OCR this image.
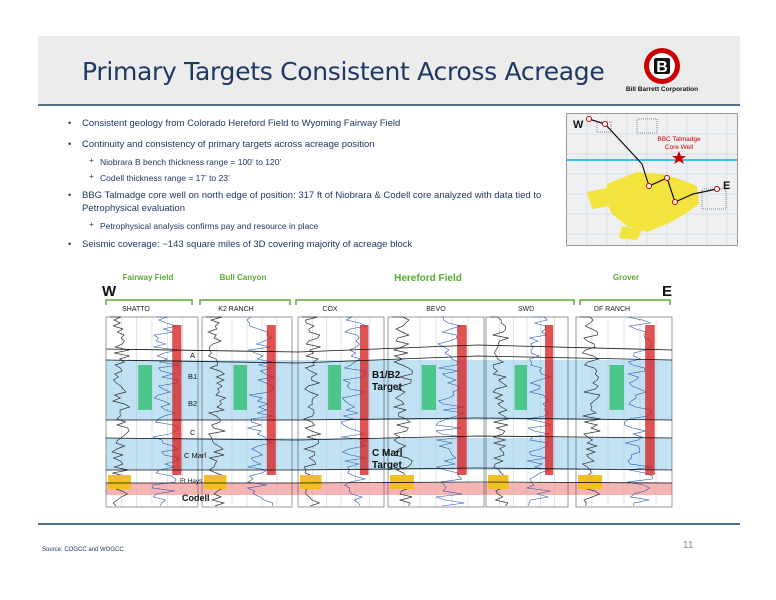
Primary Targets Consistent Across Acreage	B
Bill Barrett Corporation
• Consistent geology from Colorado Hereford Field to Wyoming Fairway Field
• Continuity and consistency of primary targets across acreage position
+ Niobrara B bench thickness range = 100’ to 120’
+ Codell thickness range = 17’ to 23’
• BBG Talmadge core well on north edge of position: 317 ft of Niobrara & Codell core analyzed with data tied to Petrophysical evaluation
+ Petrophysical analysis confirms pay and resource in place
• Seismic coverage: ~143 square miles of 3D covering majority of acreage block
W
E
BBC Talmadge Core Well
Fairway Field	Bull Canyon	Hereford Field	Grover
W	E
SHATTO	K2 RANCH	COX	BEVO	SWD	DF RANCH
A
B1
B2
C
C Marl
Ft Hays
Codell
B1/B2 Target
C Marl Target
11
Source: COGCC and WOGCC
